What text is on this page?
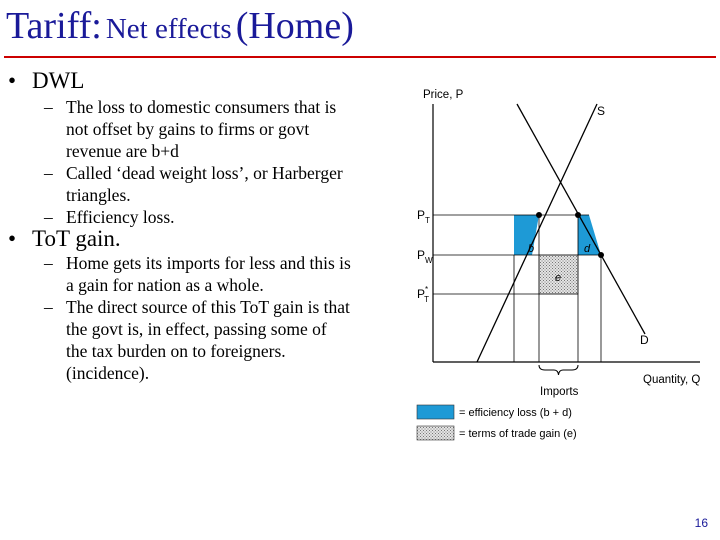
Tariff: Net effects (Home)
• DWL
– The loss to domestic consumers that is not offset by gains to firms or govt revenue are b+d
– Called ‘dead weight loss’, or Harberger triangles.
– Efficiency loss.
• ToT gain.
– Home gets its imports for less and this is a gain for nation as a whole.
– The direct source of this ToT gain is that the govt is, in effect, passing some of the tax burden on to foreigners. (incidence).
Price, P
Quantity, Q
S
D
$P_T$
$P_W$
P* T
b	d
e
Imports
= efficiency loss (b + d)
= terms of trade gain (e)
16
